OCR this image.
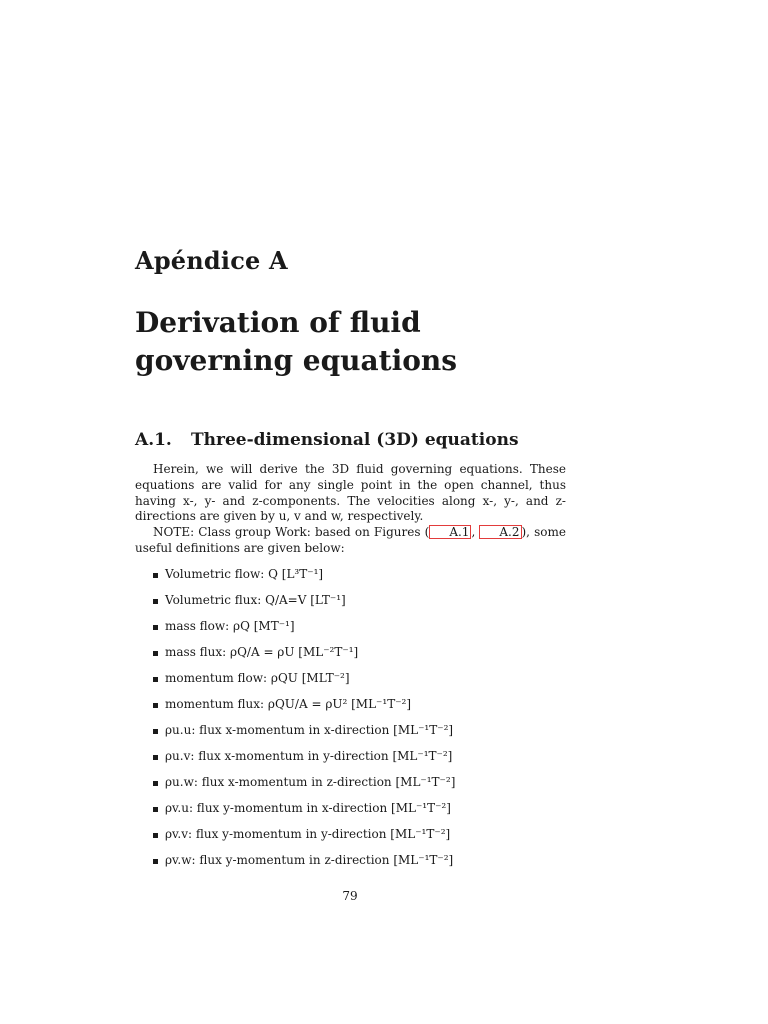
Apéndice A
Derivation of fluid governing equations
A.1. Three-dimensional (3D) equations

Herein, we will derive the 3D fluid governing equations. These equations are valid for any single point in the open channel, thus having x-, y- and z-components. The velocities along x-, y-, and z-directions are given by u, v and w, respectively.

NOTE: Class group Work: based on Figures ( A.1 , A.2 ), some useful definitions are given below:

Volumetric flow: Q [L³T⁻¹]
Volumetric flux: Q/A=V [LT⁻¹]
mass flow: ρQ [MT⁻¹]
mass flux: ρQ/A = ρU [ML⁻²T⁻¹]
momentum flow: ρQU [MLT⁻²]
momentum flux: ρQU/A = ρU² [ML⁻¹T⁻²]
ρu.u: flux x-momentum in x-direction [ML⁻¹T⁻²]
ρu.v: flux x-momentum in y-direction [ML⁻¹T⁻²]
ρu.w: flux x-momentum in z-direction [ML⁻¹T⁻²]
ρv.u: flux y-momentum in x-direction [ML⁻¹T⁻²]
ρv.v: flux y-momentum in y-direction [ML⁻¹T⁻²]
ρv.w: flux y-momentum in z-direction [ML⁻¹T⁻²]
79
